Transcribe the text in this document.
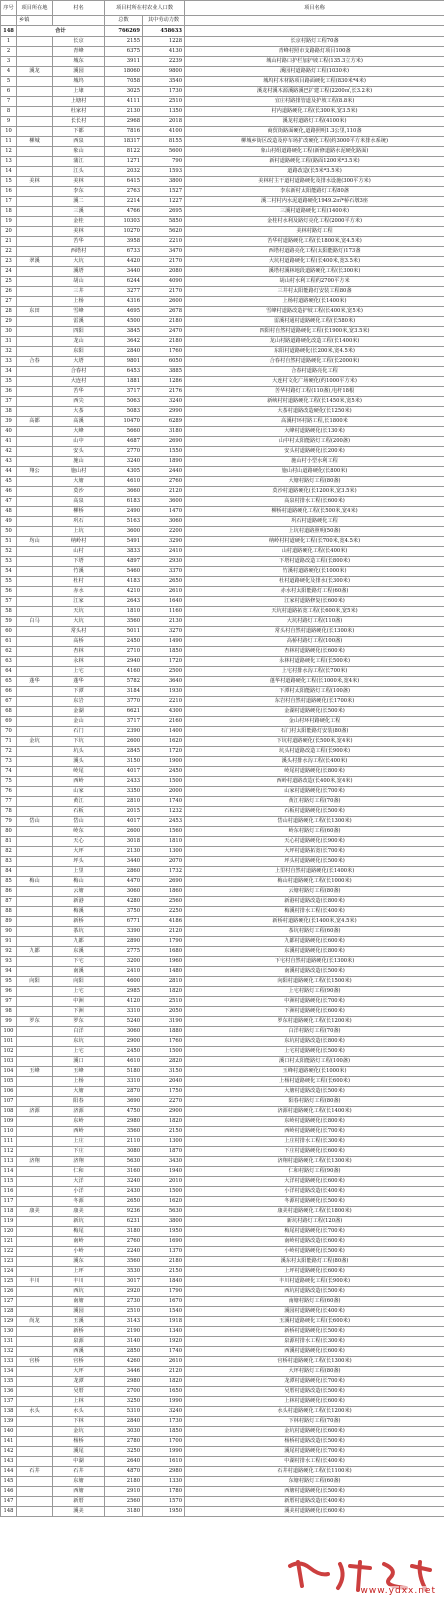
序号	项目所在地	村名	项目村所在村农业人口数		项目名称
	乡镇		总数	其中劳动力数	
148	合计		766269	458633	
1		长京	2155	1228	长京村路灯工程70盏
2		青峰	6375	4130	青峰村照市支路路灯项目100盏
3		城东	3911	2239	城山村路口护栏加护坡工程(135.3立方米)
4	溪龙	溪园	18060	9800	溪园村道路路灯工程(1030米)
5		城坞	7058	3540	城坞村木材路项目路面硬化工程(830米*4米)
6		上埭	3025	1730	溪龙村溪木源溪路溪巴扩建工程(2200㎡,长3.2米)
7		上塘村	4111	2510	宜庄村路排管道及护坡工程(8.8米)
8		杜家村	2130	1350	村内道路硬化工程(长300米,宽3.5米)
9		长长村	2968	2018	溪龙村道路灯工程(4100米)
10		下都	7816	4100	商贸街路面硬化,道路照明1.3公里,110盏
11	柳城	西泉	18317	8155	柳城乡街区改造及停车场扩改硬化工程(约3000平方米排水系统)
12		象山	8122	5600	象山村组道路硬化工程(新修道路水泥硬化路面)
13		蒲江	1271	790	新村道路硬化工程(路面1200米*3.5米)
14		江头	2032	1593	道路改造(长5米*3.5米)
15	美林	美林	6415	3800	美林村主干道村道路硬化及排水设施(300平方米)
16		李东	2763	1527	李东新村太阳能路灯工程80盏
17		溪二	2214	1227	溪二村村内水泥道路硬化1949.2㎡*桥石墩3座
18		三溪	4766	2695	三溪村道路硬化工程(1400米)
19		金桂	10303	5850	金桂村水利及路灯亮化工程(2000平方米)
20		美林	10270	5620	美林村路灯工程
21		苦华	3958	2210	苦华村道路硬化工程(长1800米,宽4.5米)
22		西塔村	6733	3470	西塔村道路亮化工程(太阳能路灯)173盏
23	翠溪	大坑	4420	2170	大坑村道路硬化工程(长400米,宽3.5米)
24		溪塔	3440	2080	溪塔村溪林地段道路硬化工程(长300米)
25		胡山	6244	4090	胡山村水利工程约2700平方米
26		三井	3277	2170	三井村太阳能路灯安装工程80盏
27		上杨	4316	2600	上杨村道路硬化(长1400米)
28	东田	雪峰	4695	2678	雪峰村道路改造护坡工程(长400米,宽5米)
29		雷溪	4500	2180	雷溪村通村道路硬化工程(长580米)
30		四阳	3845	2470	四阳村自然村道路硬化工程(长1900米,宽3.5米)
31		龙山	3642	2180	龙山村路道路硬化改造工程(长1400米)
32		东阳	2840	1760	东阳村道路硬化(长200米,宽4.5米)
33	合春	大塔	9801	6050	合春村自然村道路硬化工程(长2000米)
34		合春村	6453	3885	合春村道路亮化工程
35		大连村	1881	1286	大连村文化广场硬化(约1000平方米)
36		苦华	3717	2176	苦华村路灯工程(110盏),电杆18根
37		西尖	5063	3240	新峡村村道路硬化工程(长1450米,宽5米)
38		大茶	5083	2990	大茶村道路改造硬化(长1250米)
39	高都	高溪	10470	6289	高溪村环村路工程,长1800米
40		大峰	5660	3180	大峰村道路硬化(长130米)
41		山中	4687	2690	山中村太阳能路灯工程(200盏)
42		安头	2770	1550	安头村道路硬化(长200米)
43		施山	3240	1890	施山村小型水利工程
44	翔公	施山村	4305	2440	施山村山道路硬化(长800米)
45		大塘	4610	2760	大塘村路灯工程(80盏)
46		莫沙	3660	2120	莫沙村道路硬化(长1200米,宽3.5米)
47		高泉	6183	3600	高泉村排水工程(长600米)
48		柳桥	2490	1470	柳桥村道路硬化工程(长500米,宽4米)
49		巩石	5163	3060	巩石村道路硬化工程
50		上坑	3600	2200	上坑村道路照明(50盏)
51	均山	纳岭村	5491	3290	纳岭村村道硬化工程(长700米,宽4.5米)
52		山村	3833	2410	山村道路硬化工程(长400米)
53		下塔	4897	2930	下塔村道路改造工程(长800米)
54		竹溪	5460	3370	竹溪村道路硬化(长1000米)
55		杜村	4183	2650	杜村道路硬化及排水(长300米)
56		赤水	4210	2610	赤水村太阳能路灯工程(60盏)
57		江家	2643	1640	江家村道路修复(长600米)
58		天坑	1810	1160	天坑村道路拓宽工程(长600米,宽5米)
59	白马	大坑	3560	2130	大坑村路灯工程(110盏)
60		常头村	5011	3270	常头村自然村道路硬化(长1300米)
61		高桥	2450	1490	高桥村路灯工程(100盏)
62		杏林	2710	1850	杏林村道路硬化(长600米)
63		永林	2940	1720	永林村道路硬化工程(长500米)
64		上宅	4160	2500	上宅村排水沟工程(长700米)
65	蓬华	蓬华	5782	3640	蓬华村道路硬化工程(长1000米,宽4米)
66		下潭	3184	1930	下潭村太阳能路灯工程(100盏)
67		东岩	3770	2210	东岩村自然村道路硬化(长1700米)
68		金湖	6621	4300	金湖村道路硬化(长500米)
69		金山	3717	2160	金山村环村路硬化工程
70		石门	2390	1400	石门村太阳能路灯安装(80盏)
71	金坑	下坑	2600	1620	下坑村道路硬化(长500米,宽4米)
72		坑头	2845	1720	坑头村道路改造工程(长900米)
73		溪头	3150	1900	溪头村排水沟工程(长400米)
74		岭尾	4017	2450	岭尾村道路硬化(长800米)
75		西岭	2433	1500	西岭村道路改造(长400米,宽4米)
76		山家	3350	2000	山家村道路硬化(长700米)
77		黄江	2810	1740	黄江村路灯工程(70盏)
78		石板	2015	1232	石板村道路硬化(长500米)
79	岱山	岱山	4017	2453	岱山村道路硬化工程(长1300米)
80		岭东	2600	1560	岭东村路灯工程(60盏)
81		天心	3018	1810	天心村道路硬化(长900米)
82		大坪	2130	1300	大坪村道路拓宽(长700米)
83		坪头	3440	2070	坪头村道路硬化(长500米)
84		上里	2860	1732	上里村自然村道路硬化(长1400米)
85	梅山	梅山	4470	2690	梅山村道路硬化工程(长1000米)
86		云塘	3060	1860	云塘村路灯工程(80盏)
87		新港	4280	2560	新港村道路改造(长800米)
88		梅溪	3750	2250	梅溪村排水工程(长400米)
89		新桥	6771	4186	新桥村道路硬化(长1400米,宽4.5米)
90		茶坑	3390	2120	茶坑村路灯工程(60盏)
91		九都	2890	1790	九都村道路硬化(长600米)
92	九都	东溪	2775	1680	东溪村道路硬化(长800米)
93		下宅	3200	1960	下宅村自然村道路硬化(长1300米)
94		南溪	2410	1480	南溪村道路改造(长500米)
95	向阳	向阳	4600	2810	向阳村道路硬化工程(长1500米)
96		上宅	2985	1820	上宅村路灯工程(90盏)
97		中洲	4120	2510	中洲村道路硬化(长700米)
98		下洲	3310	2050	下洲村道路硬化(长600米)
99	罗东	罗东	5240	3190	罗东村道路硬化工程(长1200米)
100		白洋	3060	1880	白洋村路灯工程(70盏)
101		东坑	2900	1760	东坑村道路改造(长800米)
102		上宅	2450	1500	上宅村道路硬化(长500米)
103		溪口	4610	2820	溪口村太阳能路灯工程(100盏)
104	玉峰	玉峰	5180	3150	玉峰村道路硬化(长1000米)
105		上杨	3310	2040	上杨村道路硬化工程(长600米)
106		大塘	2870	1750	大塘村道路改造(长500米)
107		阳春	3690	2270	阳春村路灯工程(80盏)
108	济源	济源	4750	2900	济源村道路硬化工程(长1400米)
109		东岭	2980	1820	东岭村道路硬化(长800米)
110		西岭	3560	2150	西岭村道路硬化(长700米)
111		上庄	2110	1300	上庄村排水工程(长300米)
112		下庄	3080	1870	下庄村道路硬化(长600米)
113	济翔	济翔	5630	3430	济翔村道路硬化工程(长1300米)
114		仁和	3160	1940	仁和村路灯工程(90盏)
115		大洋	3240	2010	大洋村道路硬化(长600米)
116		小洋	2430	1500	小洋村道路改造(长400米)
117		冬源	2650	1620	冬源村道路硬化(长500米)
118	康美	康美	9236	5630	康美村道路硬化工程(长1800米)
119		新坑	6231	3800	新坑村路灯工程(120盏)
120		梅尾	3180	1950	梅尾村道路硬化(长700米)
121		南岭	2760	1690	南岭村道路改造(长600米)
122		小岭	2240	1370	小岭村道路硬化(长500米)
123		溪东	3560	2180	溪东村太阳能路灯工程(80盏)
124		上坪	3530	2150	上坪村道路硬化(长600米)
125	丰川	丰川	3017	1840	丰川村道路硬化工程(长900米)
126		西坑	2920	1790	西坑村道路改造(长500米)
127		南塘	2730	1670	南塘村路灯工程(60盏)
128		溪园	2510	1540	溪园村道路硬化(长400米)
129	尚龙	玉溪	3143	1918	玉溪村道路硬化工程(长600米)
130		新桥	2190	1340	新桥村道路硬化(长500米)
131		泉源	3140	1920	泉源村排水工程(长300米)
132		西溪	2850	1740	西溪村道路硬化(长600米)
133	官桥	官桥	4260	2610	官桥村道路硬化工程(长1300米)
134		大坪	3446	2120	大坪村路灯工程(80盏)
135		龙潭	2980	1820	龙潭村道路硬化(长700米)
136		吴厝	2700	1650	吴厝村道路改造(长500米)
137		上林	3250	1990	上林村道路硬化(长600米)
138	水头	水头	5310	3240	水头村道路硬化工程(长1200米)
139		下林	2840	1730	下林村路灯工程(70盏)
140		金坑	3030	1850	金坑村道路硬化(长600米)
141		杨桥	2780	1700	杨桥村道路改造(长500米)
142		溪尾	3250	1990	溪尾村道路硬化(长700米)
143		中湖	2640	1610	中湖村排水工程(长400米)
144	石井	石井	4870	2980	石井村道路硬化工程(长1100米)
145		东塘	2180	1330	东塘村路灯工程(60盏)
146		西塘	2910	1780	西塘村道路硬化(长500米)
147		新厝	2560	1570	新厝村道路改造(长400米)
148		溪美	3180	1950	溪美村道路硬化(长600米)
www.ydxx.net
